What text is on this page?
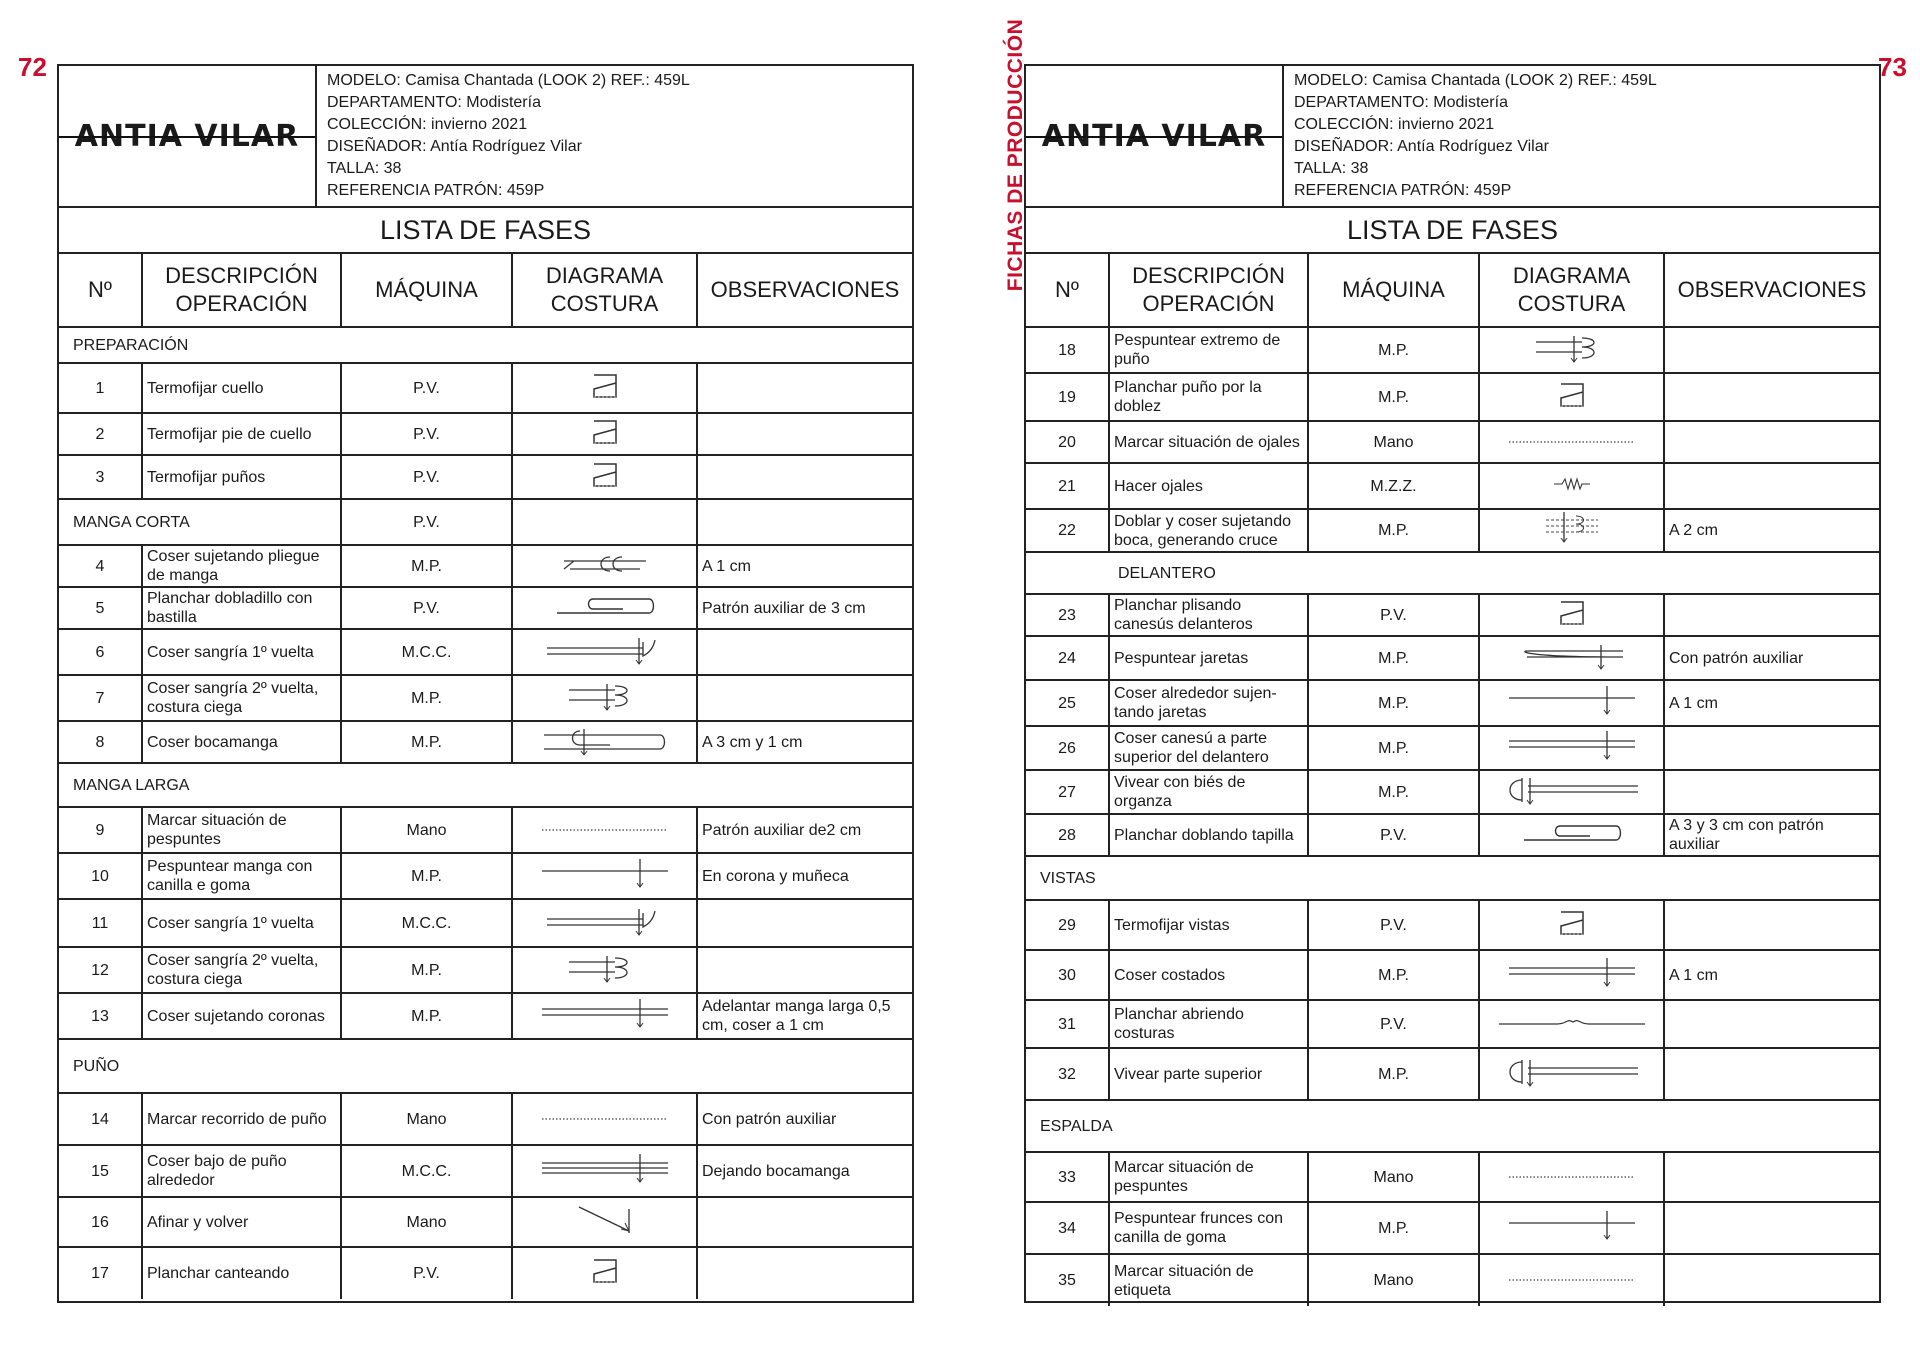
72	73
FICHAS DE PRODUCCIÓN
ANTIA VILAR
MODELO: Camisa Chantada (LOOK 2) REF.: 459L
DEPARTAMENTO: Modistería
COLECCIÓN: invierno 2021
DISEÑADOR: Antía Rodríguez Vilar
TALLA: 38
REFERENCIA PATRÓN: 459P
LISTA DE FASES
Nº	DESCRIPCIÓN OPERACIÓN	MÁQUINA	DIAGRAMA COSTURA	OBSERVACIONES
PREPARACIÓN				
1	Termofijar cuello	P.V.		
2	Termofijar pie de cuello	P.V.		
3	Termofijar puños	P.V.		
MANGA CORTA		P.V.		
4	Coser sujetando pliegue de manga	M.P.		A 1 cm
5	Planchar dobladillo con bastilla	P.V.		Patrón auxiliar de 3 cm
6	Coser sangría 1º vuelta	M.C.C.		
7	Coser sangría 2º vuelta, costura ciega	M.P.		
8	Coser bocamanga	M.P.		A 3 cm y 1 cm
MANGA LARGA				
9	Marcar situación de pespuntes	Mano		Patrón auxiliar de2 cm
10	Pespuntear manga con canilla e goma	M.P.		En corona y muñeca
11	Coser sangría 1º vuelta	M.C.C.		
12	Coser sangría 2º vuelta, costura ciega	M.P.		
13	Coser sujetando coronas	M.P.		Adelantar manga larga 0,5 cm, coser a 1 cm
PUÑO				
14	Marcar recorrido de puño	Mano		Con patrón auxiliar
15	Coser bajo de puño alrededor	M.C.C.		Dejando bocamanga
16	Afinar y volver	Mano		
17	Planchar canteando	P.V.		
ANTIA VILAR
MODELO: Camisa Chantada (LOOK 2) REF.: 459L
DEPARTAMENTO: Modistería
COLECCIÓN: invierno 2021
DISEÑADOR: Antía Rodríguez Vilar
TALLA: 38
REFERENCIA PATRÓN: 459P
LISTA DE FASES
Nº	DESCRIPCIÓN OPERACIÓN	MÁQUINA	DIAGRAMA COSTURA	OBSERVACIONES
18	Pespuntear extremo de puño	M.P.		
19	Planchar puño por la doblez	M.P.		
20	Marcar situación de ojales	Mano		
21	Hacer ojales	M.Z.Z.		
22	Doblar y coser sujetando boca, generando cruce	M.P.		A 2 cm
DELANTERO				
23	Planchar plisando canesús delanteros	P.V.		
24	Pespuntear jaretas	M.P.		Con patrón auxiliar
25	Coser alrededor sujen-tando jaretas	M.P.		A 1 cm
26	Coser canesú a parte superior del delantero	M.P.		
27	Vivear con biés de organza	M.P.		
28	Planchar doblando tapilla	P.V.		A 3 y 3 cm con patrón auxiliar
VISTAS				
29	Termofijar vistas	P.V.		
30	Coser costados	M.P.		A 1 cm
31	Planchar abriendo costuras	P.V.		
32	Vivear parte superior	M.P.		
ESPALDA				
33	Marcar situación de pespuntes	Mano		
34	Pespuntear frunces con canilla de goma	M.P.		
35	Marcar situación de etiqueta	Mano		
